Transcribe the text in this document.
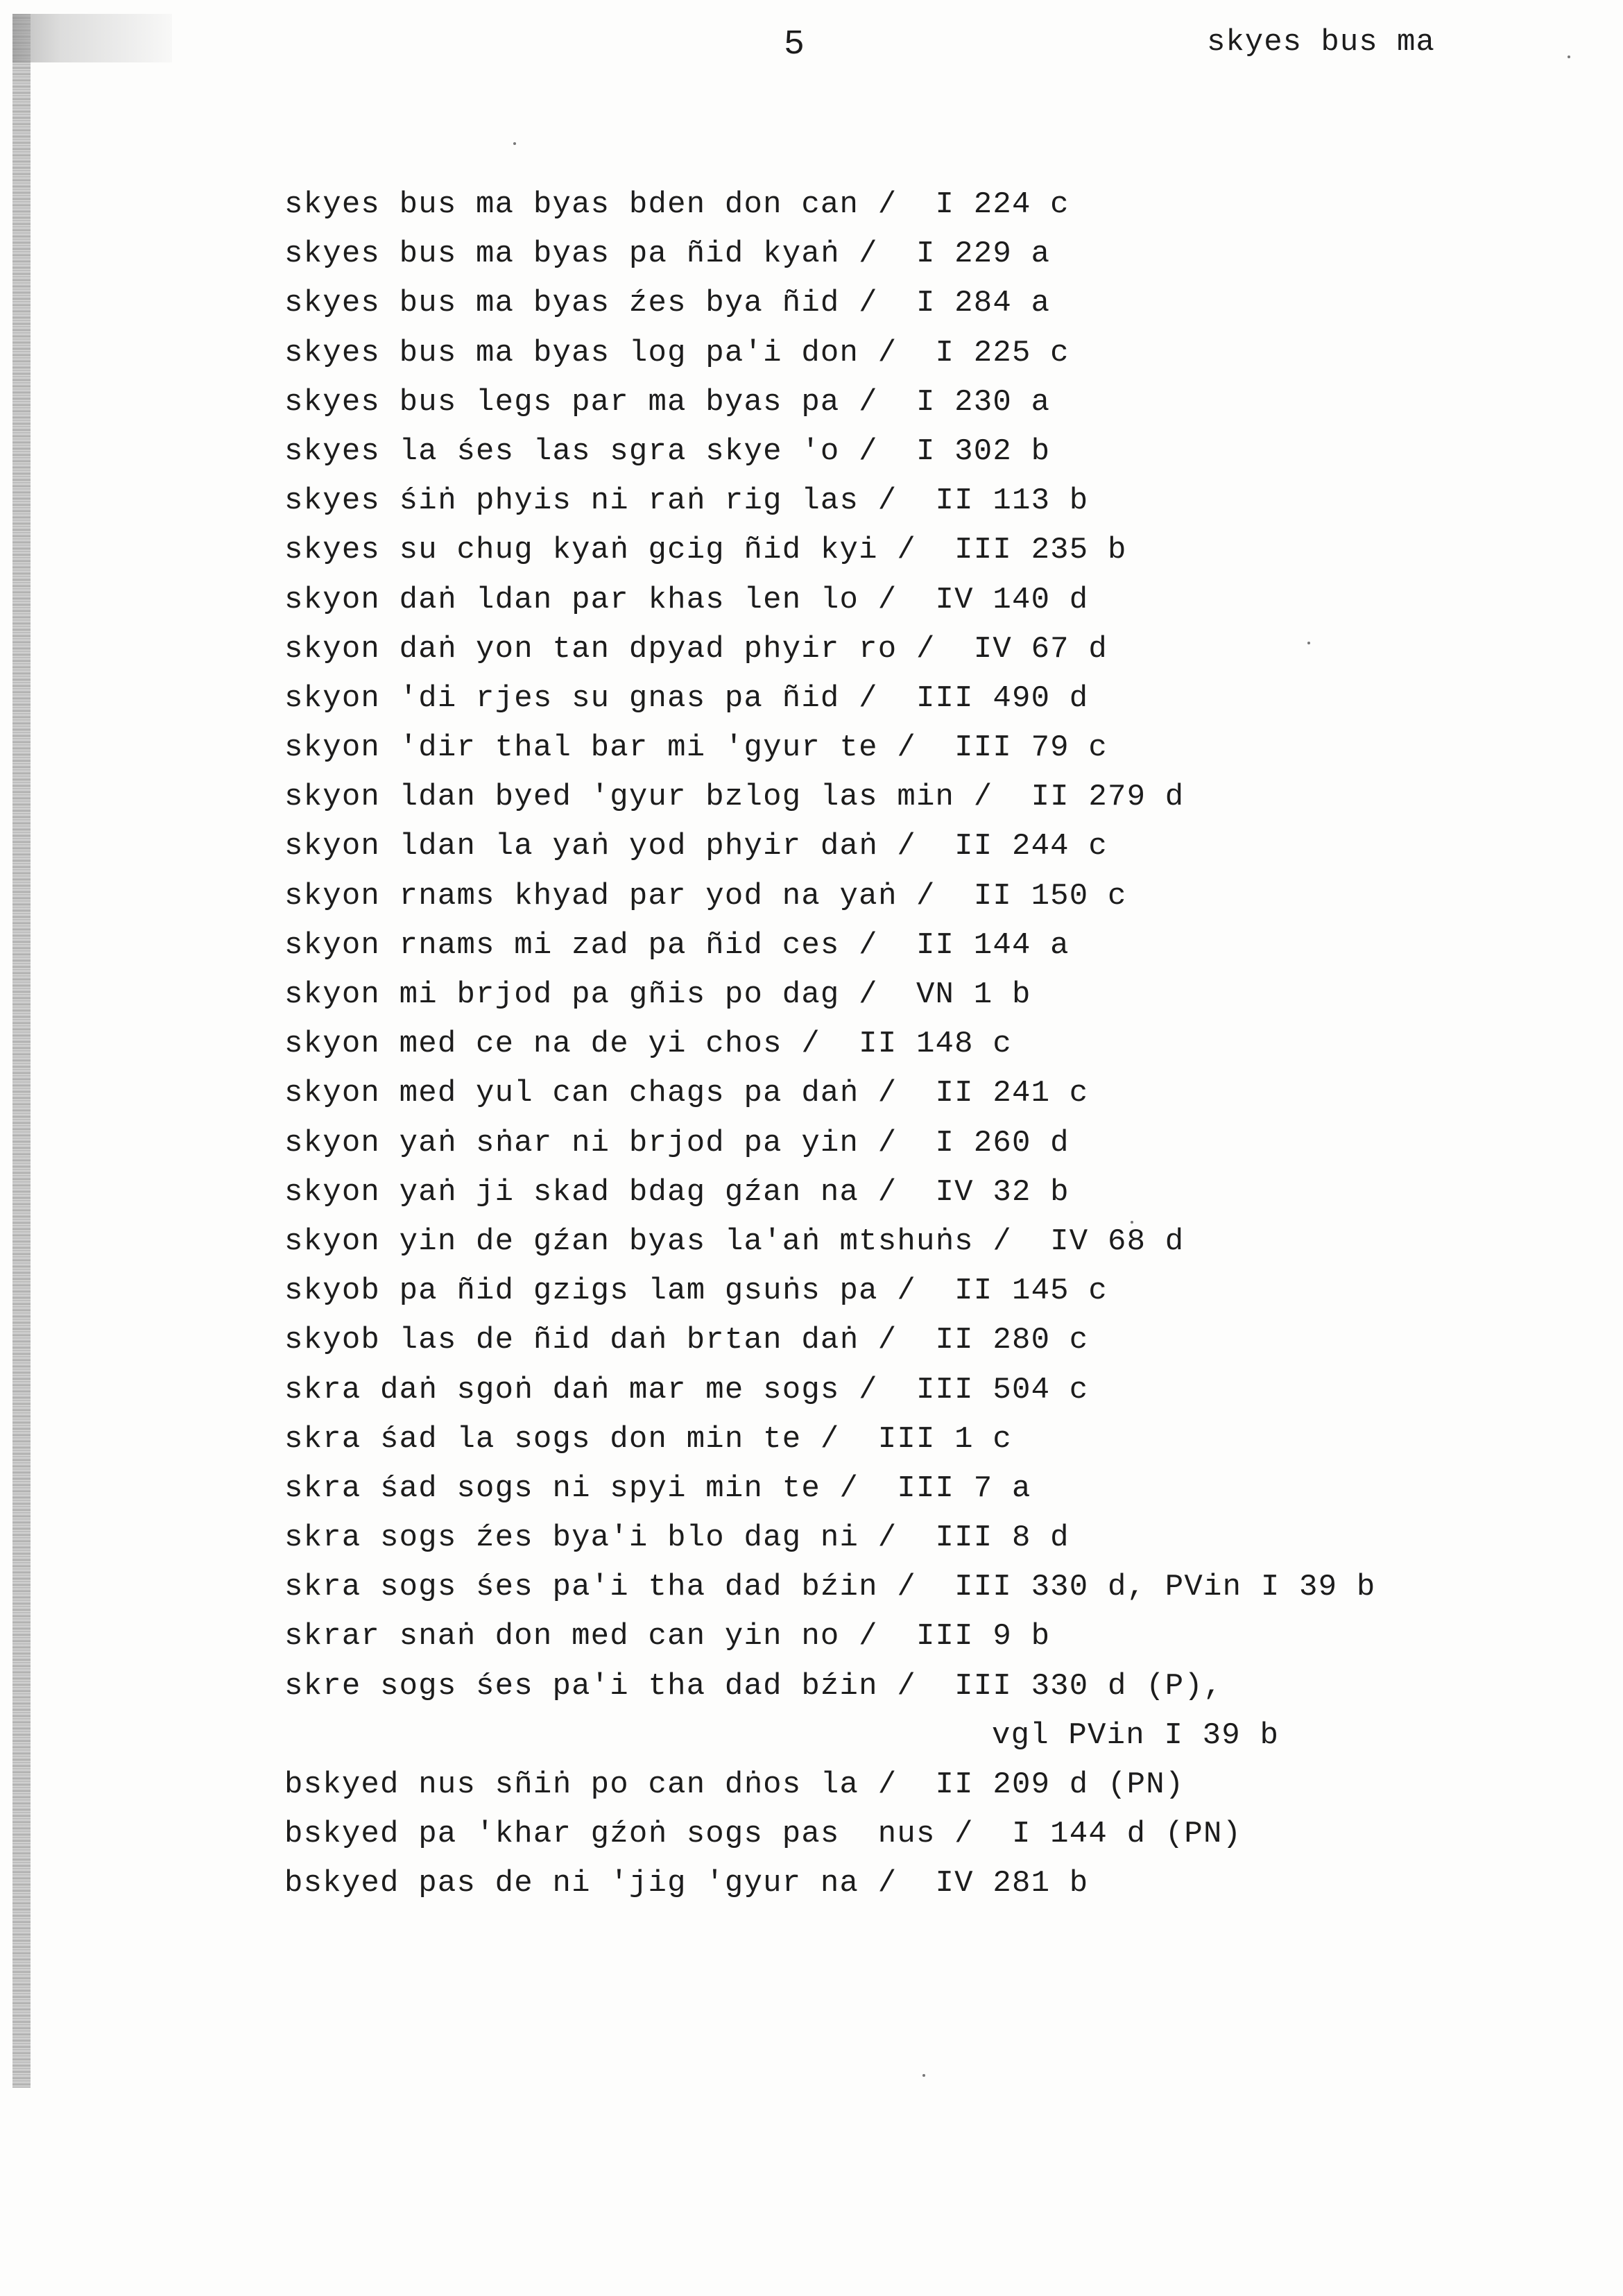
5	skyes bus ma
skyes bus ma byas bden don can /  I 224 c
skyes bus ma byas pa ñid kyaṅ /  I 229 a
skyes bus ma byas źes bya ñid /  I 284 a
skyes bus ma byas log pa'i don /  I 225 c
skyes bus legs par ma byas pa /  I 230 a
skyes la śes las sgra skye 'o /  I 302 b
skyes śiṅ phyis ni raṅ rig las /  II 113 b
skyes su chug kyaṅ gcig ñid kyi /  III 235 b
skyon daṅ ldan par khas len lo /  IV 140 d
skyon daṅ yon tan dpyad phyir ro /  IV 67 d
skyon 'di rjes su gnas pa ñid /  III 490 d
skyon 'dir thal bar mi 'gyur te /  III 79 c
skyon ldan byed 'gyur bzlog las min /  II 279 d
skyon ldan la yaṅ yod phyir daṅ /  II 244 c
skyon rnams khyad par yod na yaṅ /  II 150 c
skyon rnams mi zad pa ñid ces /  II 144 a
skyon mi brjod pa gñis po dag /  VN 1 b
skyon med ce na de yi chos /  II 148 c
skyon med yul can chags pa daṅ /  II 241 c
skyon yaṅ sṅar ni brjod pa yin /  I 260 d
skyon yaṅ ji skad bdag gźan na /  IV 32 b
skyon yin de gźan byas la'aṅ mtshuṅs /  IV 68 d
skyob pa ñid gzigs lam gsuṅs pa /  II 145 c
skyob las de ñid daṅ brtan daṅ /  II 280 c
skra daṅ sgoṅ daṅ mar me sogs /  III 504 c
skra śad la sogs don min te /  III 1 c
skra śad sogs ni spyi min te /  III 7 a
skra sogs źes bya'i blo dag ni /  III 8 d
skra sogs śes pa'i tha dad bźin /  III 330 d, PVin I 39 b
skrar snaṅ don med can yin no /  III 9 b
skre sogs śes pa'i tha dad bźin /  III 330 d (P),
vgl PVin I 39 b
bskyed nus sñiṅ po can dṅos la /  II 209 d (PN)
bskyed pa 'khar gźoṅ sogs pas  nus /  I 144 d (PN)
bskyed pas de ni 'jig 'gyur na /  IV 281 b
